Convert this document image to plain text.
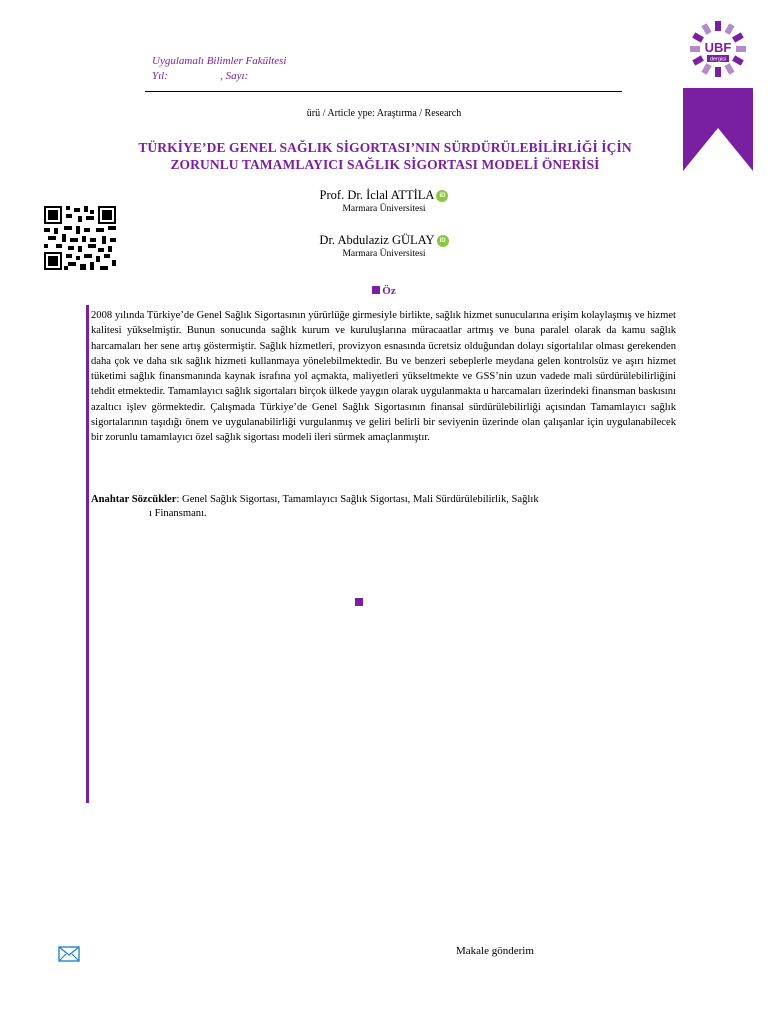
Uygulamalı Bilimler Fakültesi
Yıl:                   , Sayı:
UBF
dergisi
ürü / Article ype: Araştırma / Research
TÜRKİYE’DE GENEL SAĞLIK SİGORTASI’NIN SÜRDÜRÜLEBİLİRLİĞİ İÇİN
ZORUNLU TAMAMLAYICI SAĞLIK SİGORTASI MODELİ ÖNERİSİ
Prof. Dr. İclal ATTİLA iD
Marmara Üniversitesi
Dr. Abdulaziz GÜLAY iD
Marmara Üniversitesi
Öz
2008 yılında Türkiye’de Genel Sağlık Sigortasının yürürlüğe girmesiyle birlikte, sağlık hizmet sunucularına erişim kolaylaşmış ve hizmet kalitesi yükselmiştir. Bunun sonucunda sağlık kurum ve kuruluşlarına müracaatlar artmış ve buna paralel olarak da kamu sağlık harcamaları her sene artış göstermiştir. Sağlık hizmetleri, provizyon esnasında ücretsiz olduğundan dolayı sigortalılar olması gerekenden daha çok ve daha sık sağlık hizmeti kullanmaya yönelebilmektedir. Bu ve benzeri sebeplerle meydana gelen kontrolsüz ve aşırı hizmet tüketimi sağlık finansmanında kaynak israfına yol açmakta, maliyetleri yükseltmekte ve GSS’nin uzun vadede mali sürdürülebilirliğini tehdit etmektedir. Tamamlayıcı sağlık sigortaları birçok ülkede yaygın olarak uygulanmakta u harcamaları üzerindeki finansman baskısını azaltıcı işlev görmektedir. Çalışmada Türkiye’de Genel Sağlık Sigortasının finansal sürdürülebilirliği açısından Tamamlayıcı sağlık sigortalarının taşıdığı önem ve uygulanabilirliği vurgulanmış ve geliri belirli bir seviyenin üzerinde olan çalışanlar için uygulanabilecek bir zorunlu tamamlayıcı özel sağlık sigortası modeli ileri sürmek amaçlanmıştır.
Anahtar Sözcükler: Genel Sağlık Sigortası, Tamamlayıcı Sağlık Sigortası, Mali Sürdürülebilirlik, Sağlık
ı Finansmanı.
Makale gönderim
